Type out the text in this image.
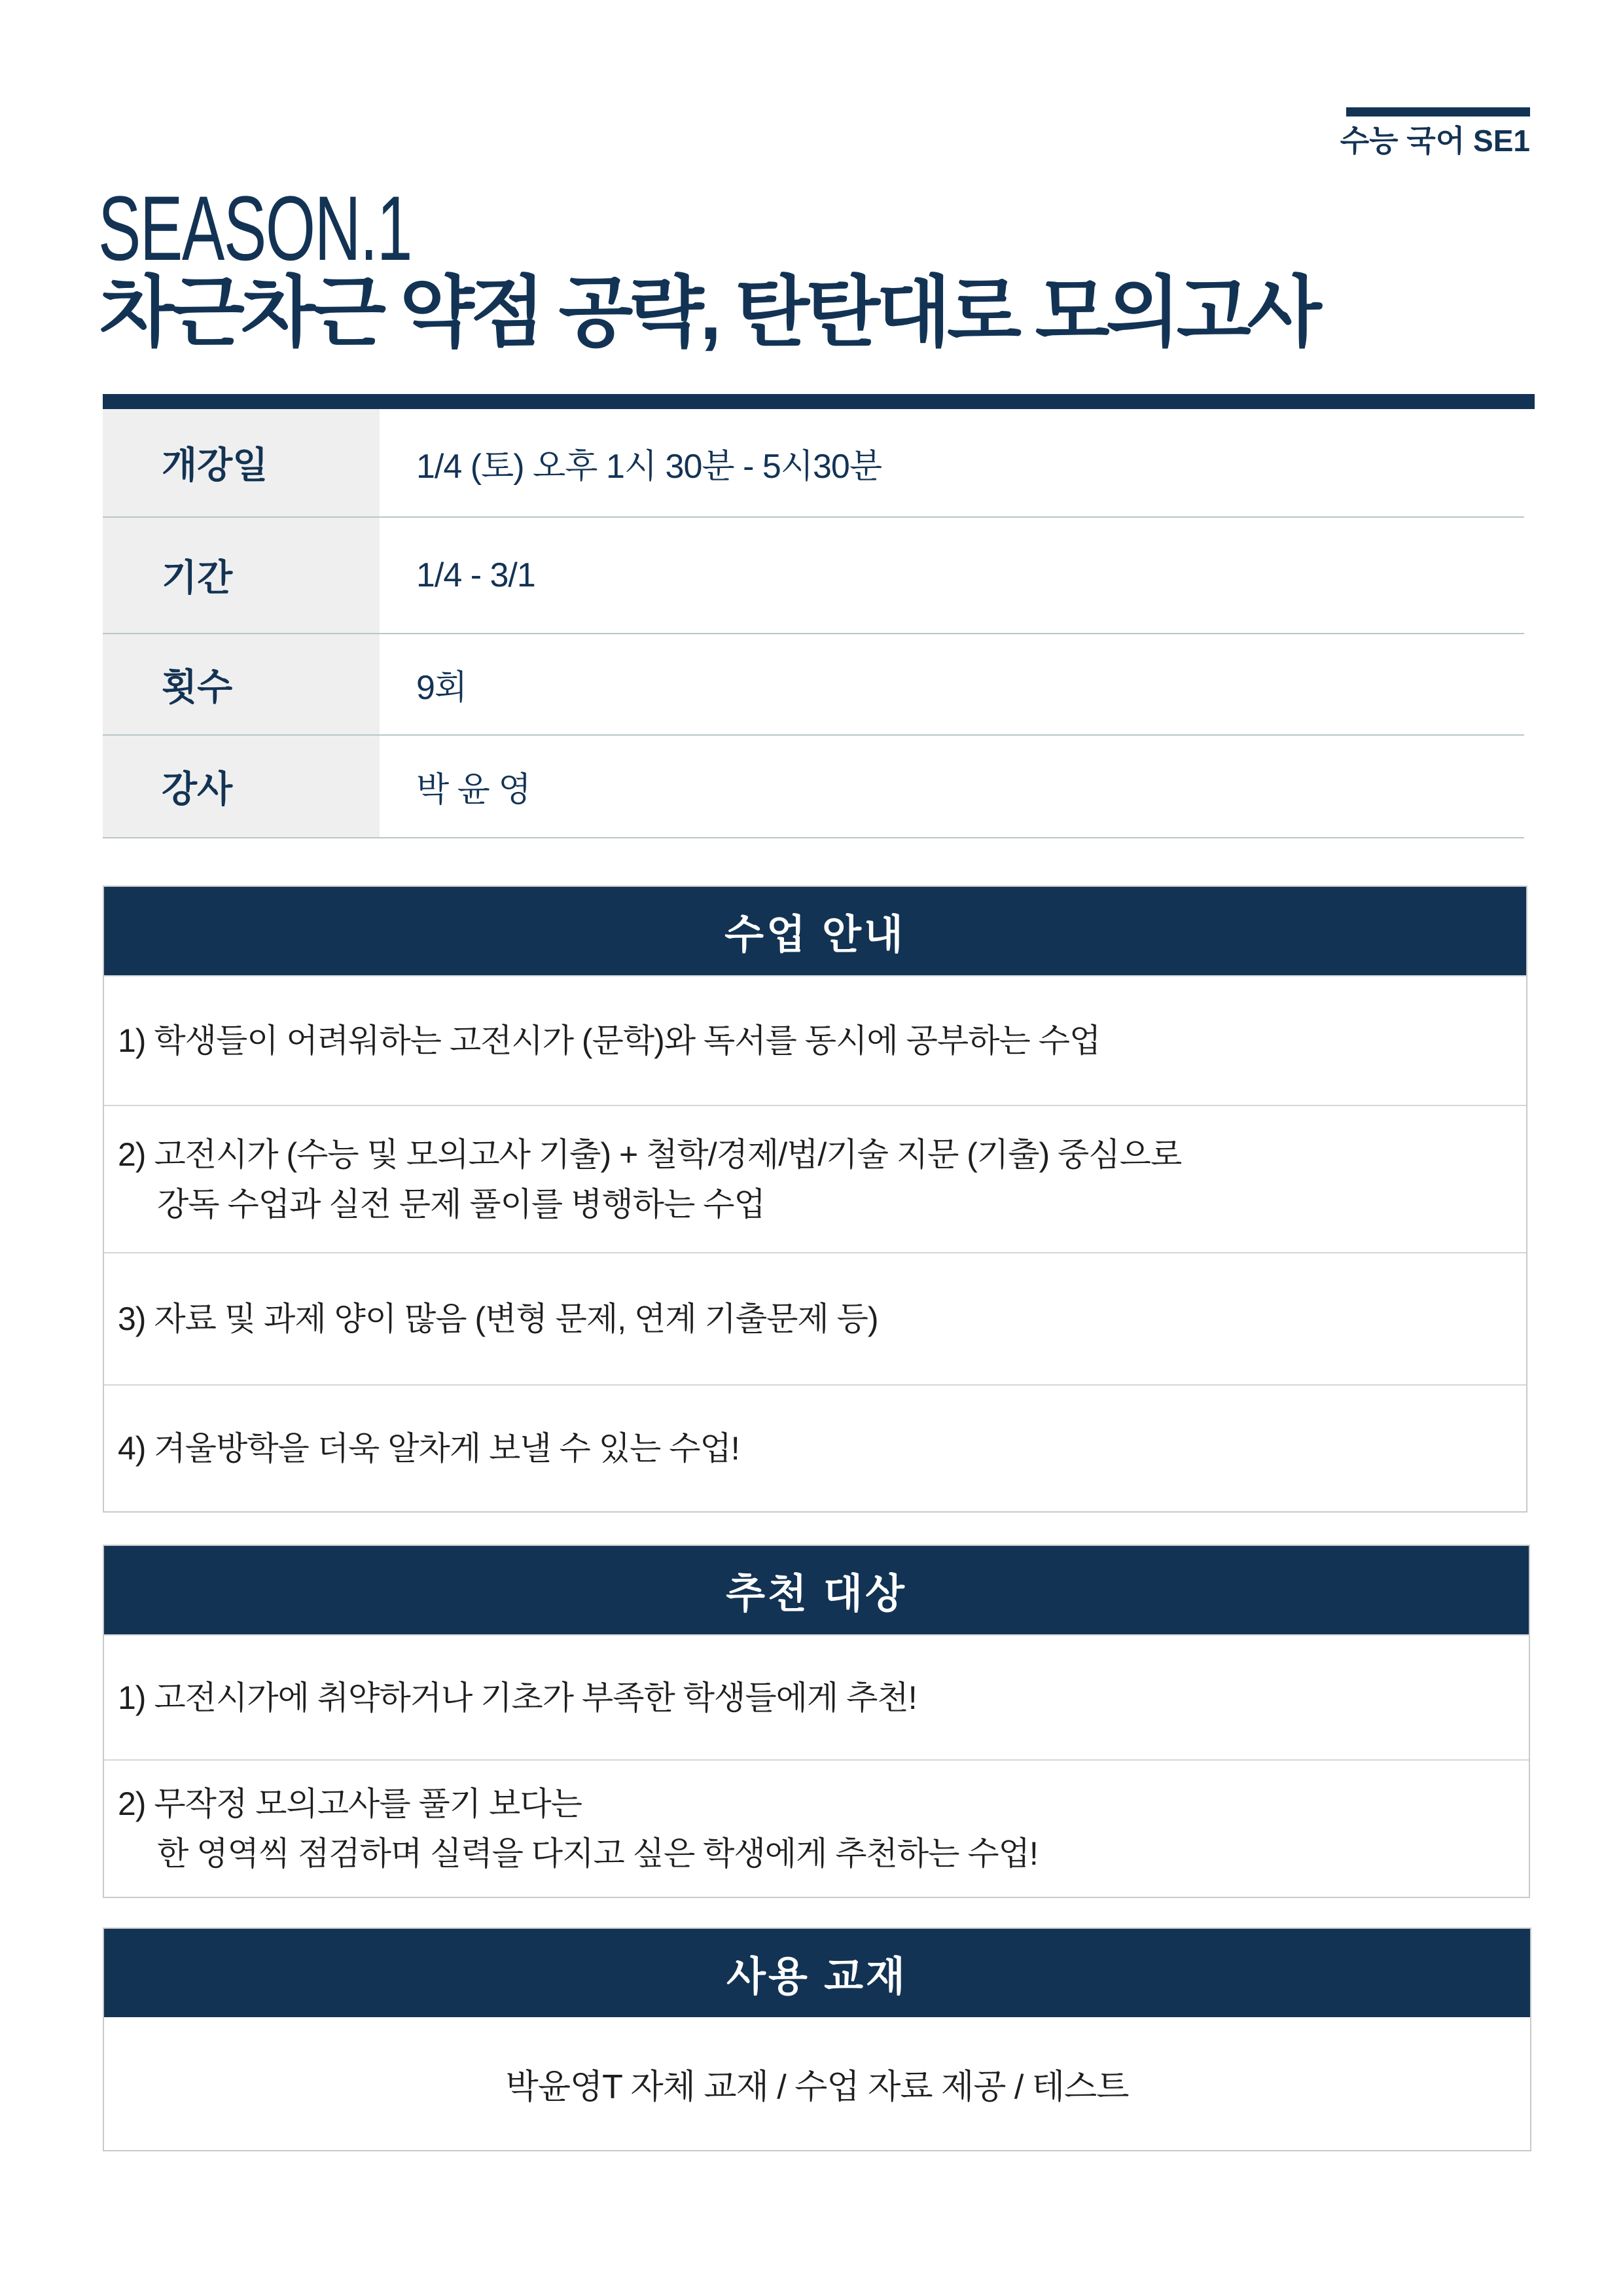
수능 국어 SE1
SEASON.1
차근차근 약점 공략, 탄탄대로 모의고사
개강일	1/4 (토) 오후 1시 30분 - 5시30분
기간	1/4 - 3/1
횟수	9회
강사	박 윤 영
수업 안내
1) 학생들이 어려워하는 고전시가 (문학)와 독서를 동시에 공부하는 수업
2) 고전시가 (수능 및 모의고사 기출) + 철학/경제/법/기술 지문 (기출) 중심으로
강독 수업과 실전 문제 풀이를 병행하는 수업
3) 자료 및 과제 양이 많음 (변형 문제, 연계 기출문제 등)
4) 겨울방학을 더욱 알차게 보낼 수 있는 수업!
추천 대상
1) 고전시가에 취약하거나 기초가 부족한 학생들에게 추천!
2) 무작정 모의고사를 풀기 보다는
한 영역씩 점검하며 실력을 다지고 싶은 학생에게 추천하는 수업!
사용 교재
박윤영T 자체 교재 / 수업 자료 제공 / 테스트
